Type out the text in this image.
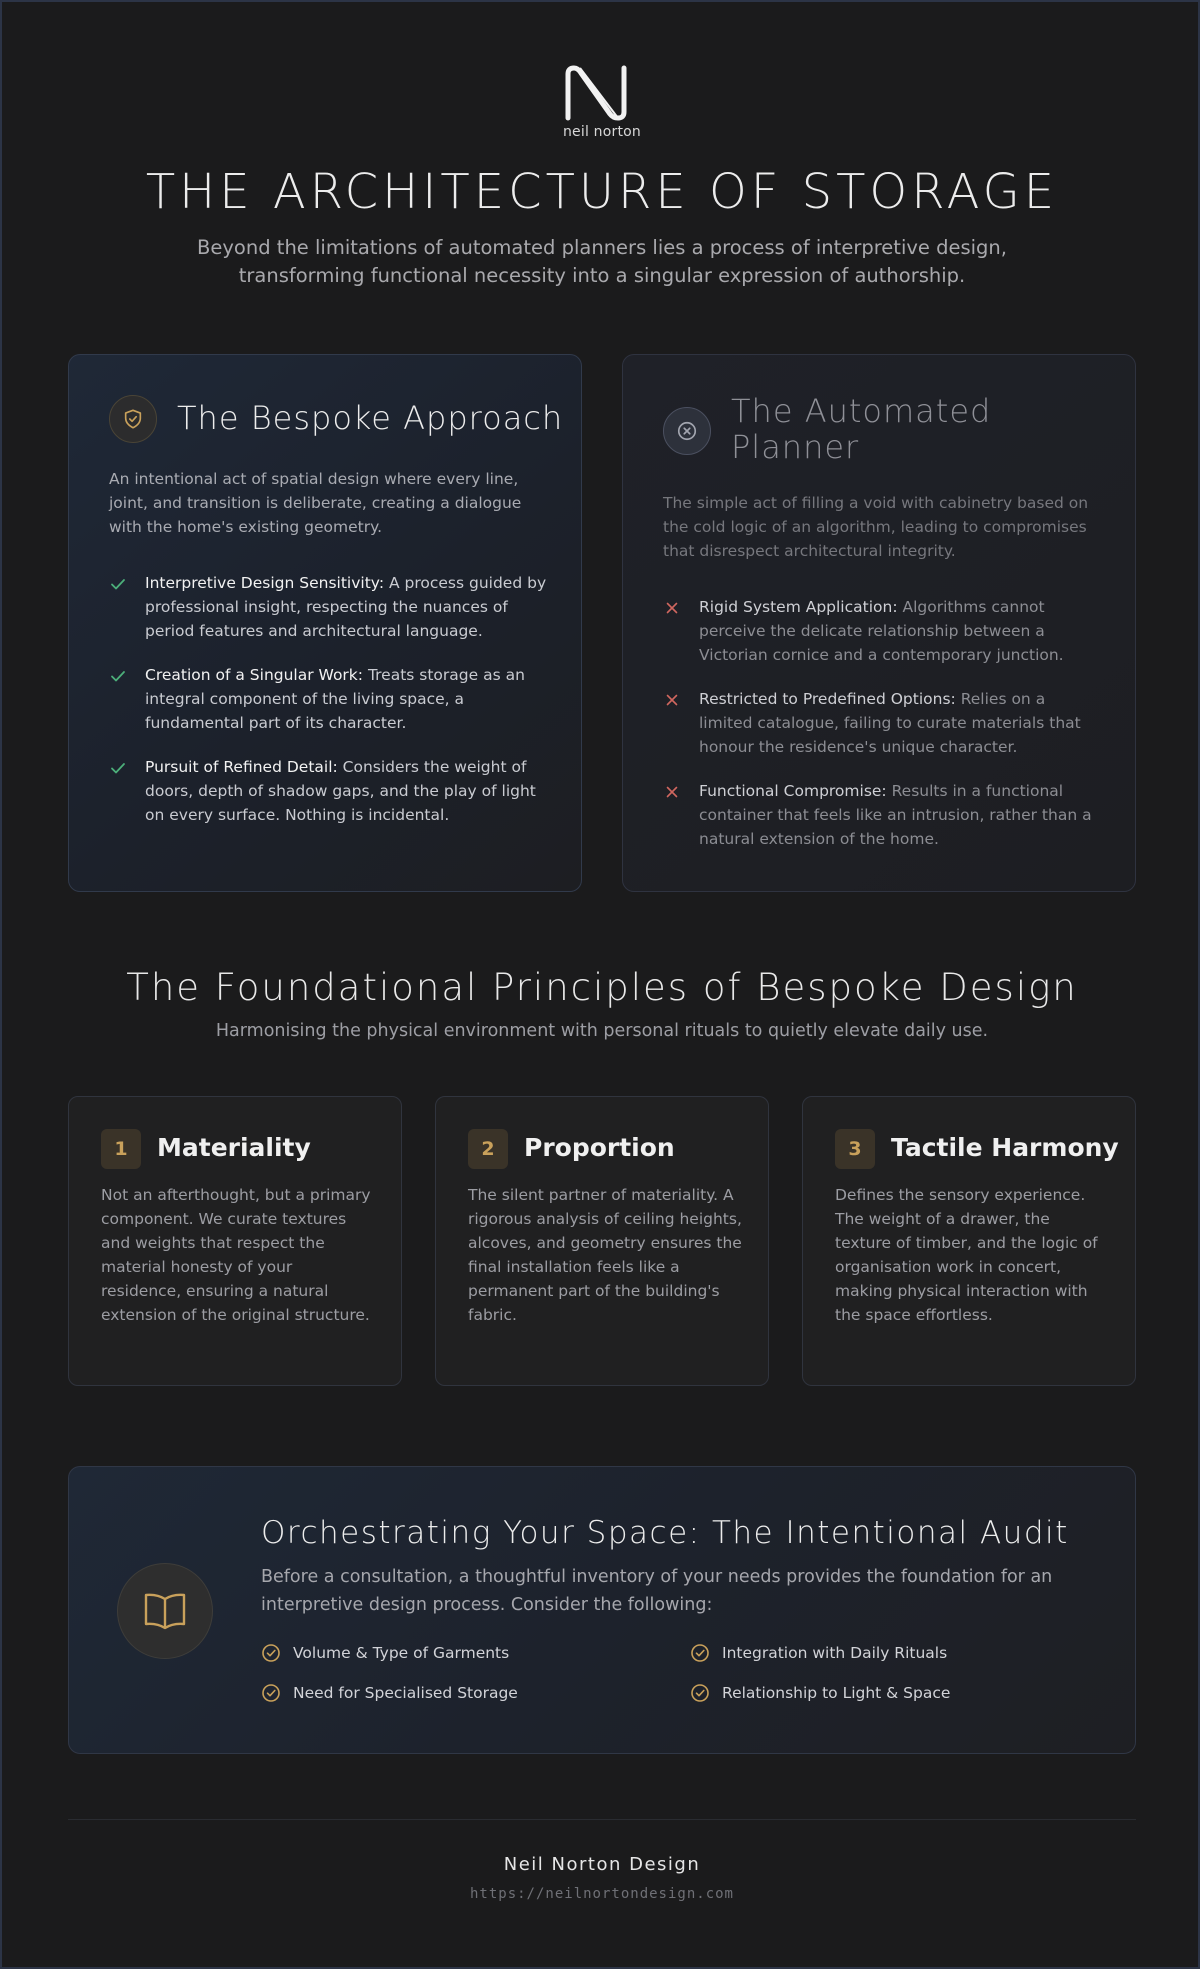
neil norton
THE ARCHITECTURE OF STORAGE

Beyond the limitations of automated planners lies a process of interpretive design, transforming functional necessity into a singular expression of authorship.

The Bespoke Approach

An intentional act of spatial design where every line, joint, and transition is deliberate, creating a dialogue with the home's existing geometry.

Interpretive Design Sensitivity: A process guided by professional insight, respecting the nuances of period features and architectural language.
Creation of a Singular Work: Treats storage as an integral component of the living space, a fundamental part of its character.
Pursuit of Refined Detail: Considers the weight of doors, depth of shadow gaps, and the play of light on every surface. Nothing is incidental.
The Automated Planner

The simple act of filling a void with cabinetry based on the cold logic of an algorithm, leading to compromises that disrespect architectural integrity.

Rigid System Application: Algorithms cannot perceive the delicate relationship between a Victorian cornice and a contemporary junction.
Restricted to Predefined Options: Relies on a limited catalogue, failing to curate materials that honour the residence's unique character.
Functional Compromise: Results in a functional container that feels like an intrusion, rather than a natural extension of the home.
The Foundational Principles of Bespoke Design

Harmonising the physical environment with personal rituals to quietly elevate daily use.

1	Materiality

Not an afterthought, but a primary component. We curate textures and weights that respect the material honesty of your residence, ensuring a natural extension of the original structure.

2	Proportion

The silent partner of materiality. A rigorous analysis of ceiling heights, alcoves, and geometry ensures the final installation feels like a permanent part of the building's fabric.

3	Tactile Harmony

Defines the sensory experience. The weight of a drawer, the texture of timber, and the logic of organisation work in concert, making physical interaction with the space effortless.

Orchestrating Your Space: The Intentional Audit

Before a consultation, a thoughtful inventory of your needs provides the foundation for an interpretive design process. Consider the following:

Volume & Type of Garments	Integration with Daily Rituals
Need for Specialised Storage	Relationship to Light & Space
Neil Norton Design
https://neilnortondesign.com
